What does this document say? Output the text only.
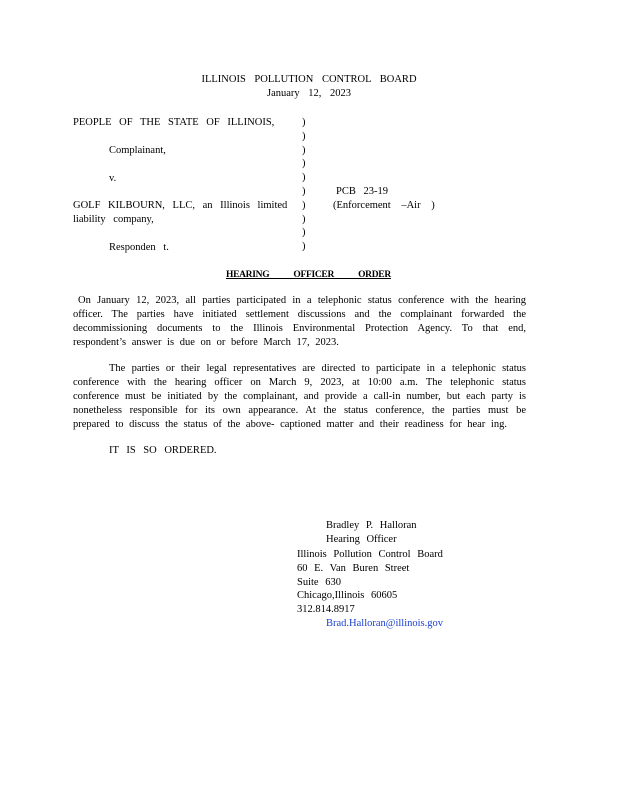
ILLINOIS POLLUTION CONTROL BOARD
January 12, 2023
PEOPLE OF THE STATE OF ILLINOIS,
Complainant,
v.
GOLF KILBOURN, LLC, an Illinois limited
liability company,
Responden t.
)
)
)
)
)
)
)
)
)
)
PCB 23-19
(Enforcement –Air )
HEARING OFFICER ORDER
On January 12, 2023, all parties participated in a telephonic status conference with the hearing officer. The parties have initiated settlement discussions and the complainant forwarded the decommissioning documents to the Illinois Environmental Protection Agency. To that end, respondent’s answer is due on or before March 17, 2023.
The parties or their legal representatives are directed to participate in a telephonic status conference with the hearing officer on March 9, 2023, at 10:00 a.m. The telephonic status conference must be initiated by the complainant, and provide a call-in number, but each party is nonetheless responsible for its own appearance. At the status conference, the parties must be prepared to discuss the status of the above- captioned matter and their readiness for hear ing.
IT IS SO ORDERED.
Bradley P. Halloran
Hearing Officer
Illinois Pollution Control Board
60 E. Van Buren Street
Suite 630
Chicago,Illinois 60605
312.814.8917
Brad.Halloran@illinois.gov
